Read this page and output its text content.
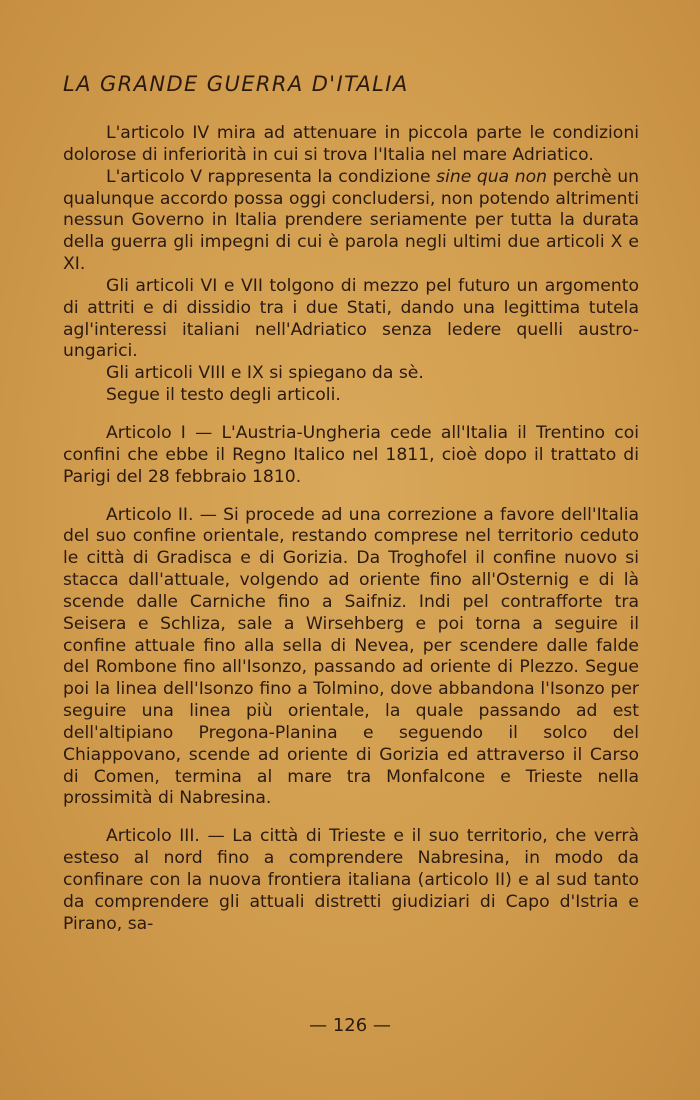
LA GRANDE GUERRA D'ITALIA

L'articolo IV mira ad attenuare in piccola parte le condizioni dolorose di inferiorità in cui si trova l'Italia nel mare Adriatico.

L'articolo V rappresenta la condizione sine qua non perchè un qualunque accordo possa oggi concludersi, non potendo altrimenti nessun Governo in Italia prendere seriamente per tutta la durata della guerra gli impegni di cui è parola negli ultimi due articoli X e XI.

Gli articoli VI e VII tolgono di mezzo pel futuro un argomento di attriti e di dissidio tra i due Stati, dando una legittima tutela agl'interessi italiani nell'Adriatico senza ledere quelli austro-ungarici.

Gli articoli VIII e IX si spiegano da sè.

Segue il testo degli articoli.

Articolo I — L'Austria-Ungheria cede all'Italia il Trentino coi confini che ebbe il Regno Italico nel 1811, cioè dopo il trattato di Parigi del 28 febbraio 1810.

Articolo II. — Si procede ad una correzione a favore dell'Italia del suo confine orientale, restando comprese nel territorio ceduto le città di Gradisca e di Gorizia. Da Troghofel il confine nuovo si stacca dall'attuale, volgendo ad oriente fino all'Osternig e di là scende dalle Carniche fino a Saifniz. Indi pel contrafforte tra Seisera e Schliza, sale a Wirsehberg e poi torna a seguire il confine attuale fino alla sella di Nevea, per scendere dalle falde del Rombone fino all'Isonzo, passando ad oriente di Plezzo. Segue poi la linea dell'Isonzo fino a Tolmino, dove abbandona l'Isonzo per seguire una linea più orientale, la quale passando ad est dell'altipiano Pregona-Planina e seguendo il solco del Chiappovano, scende ad oriente di Gorizia ed attraverso il Carso di Comen, termina al mare tra Monfalcone e Trieste nella prossimità di Nabresina.

Articolo III. — La città di Trieste e il suo territorio, che verrà esteso al nord fino a comprendere Nabresina, in modo da confinare con la nuova frontiera italiana (articolo II) e al sud tanto da comprendere gli attuali distretti giudiziari di Capo d'Istria e Pirano, sa-

— 126 —
